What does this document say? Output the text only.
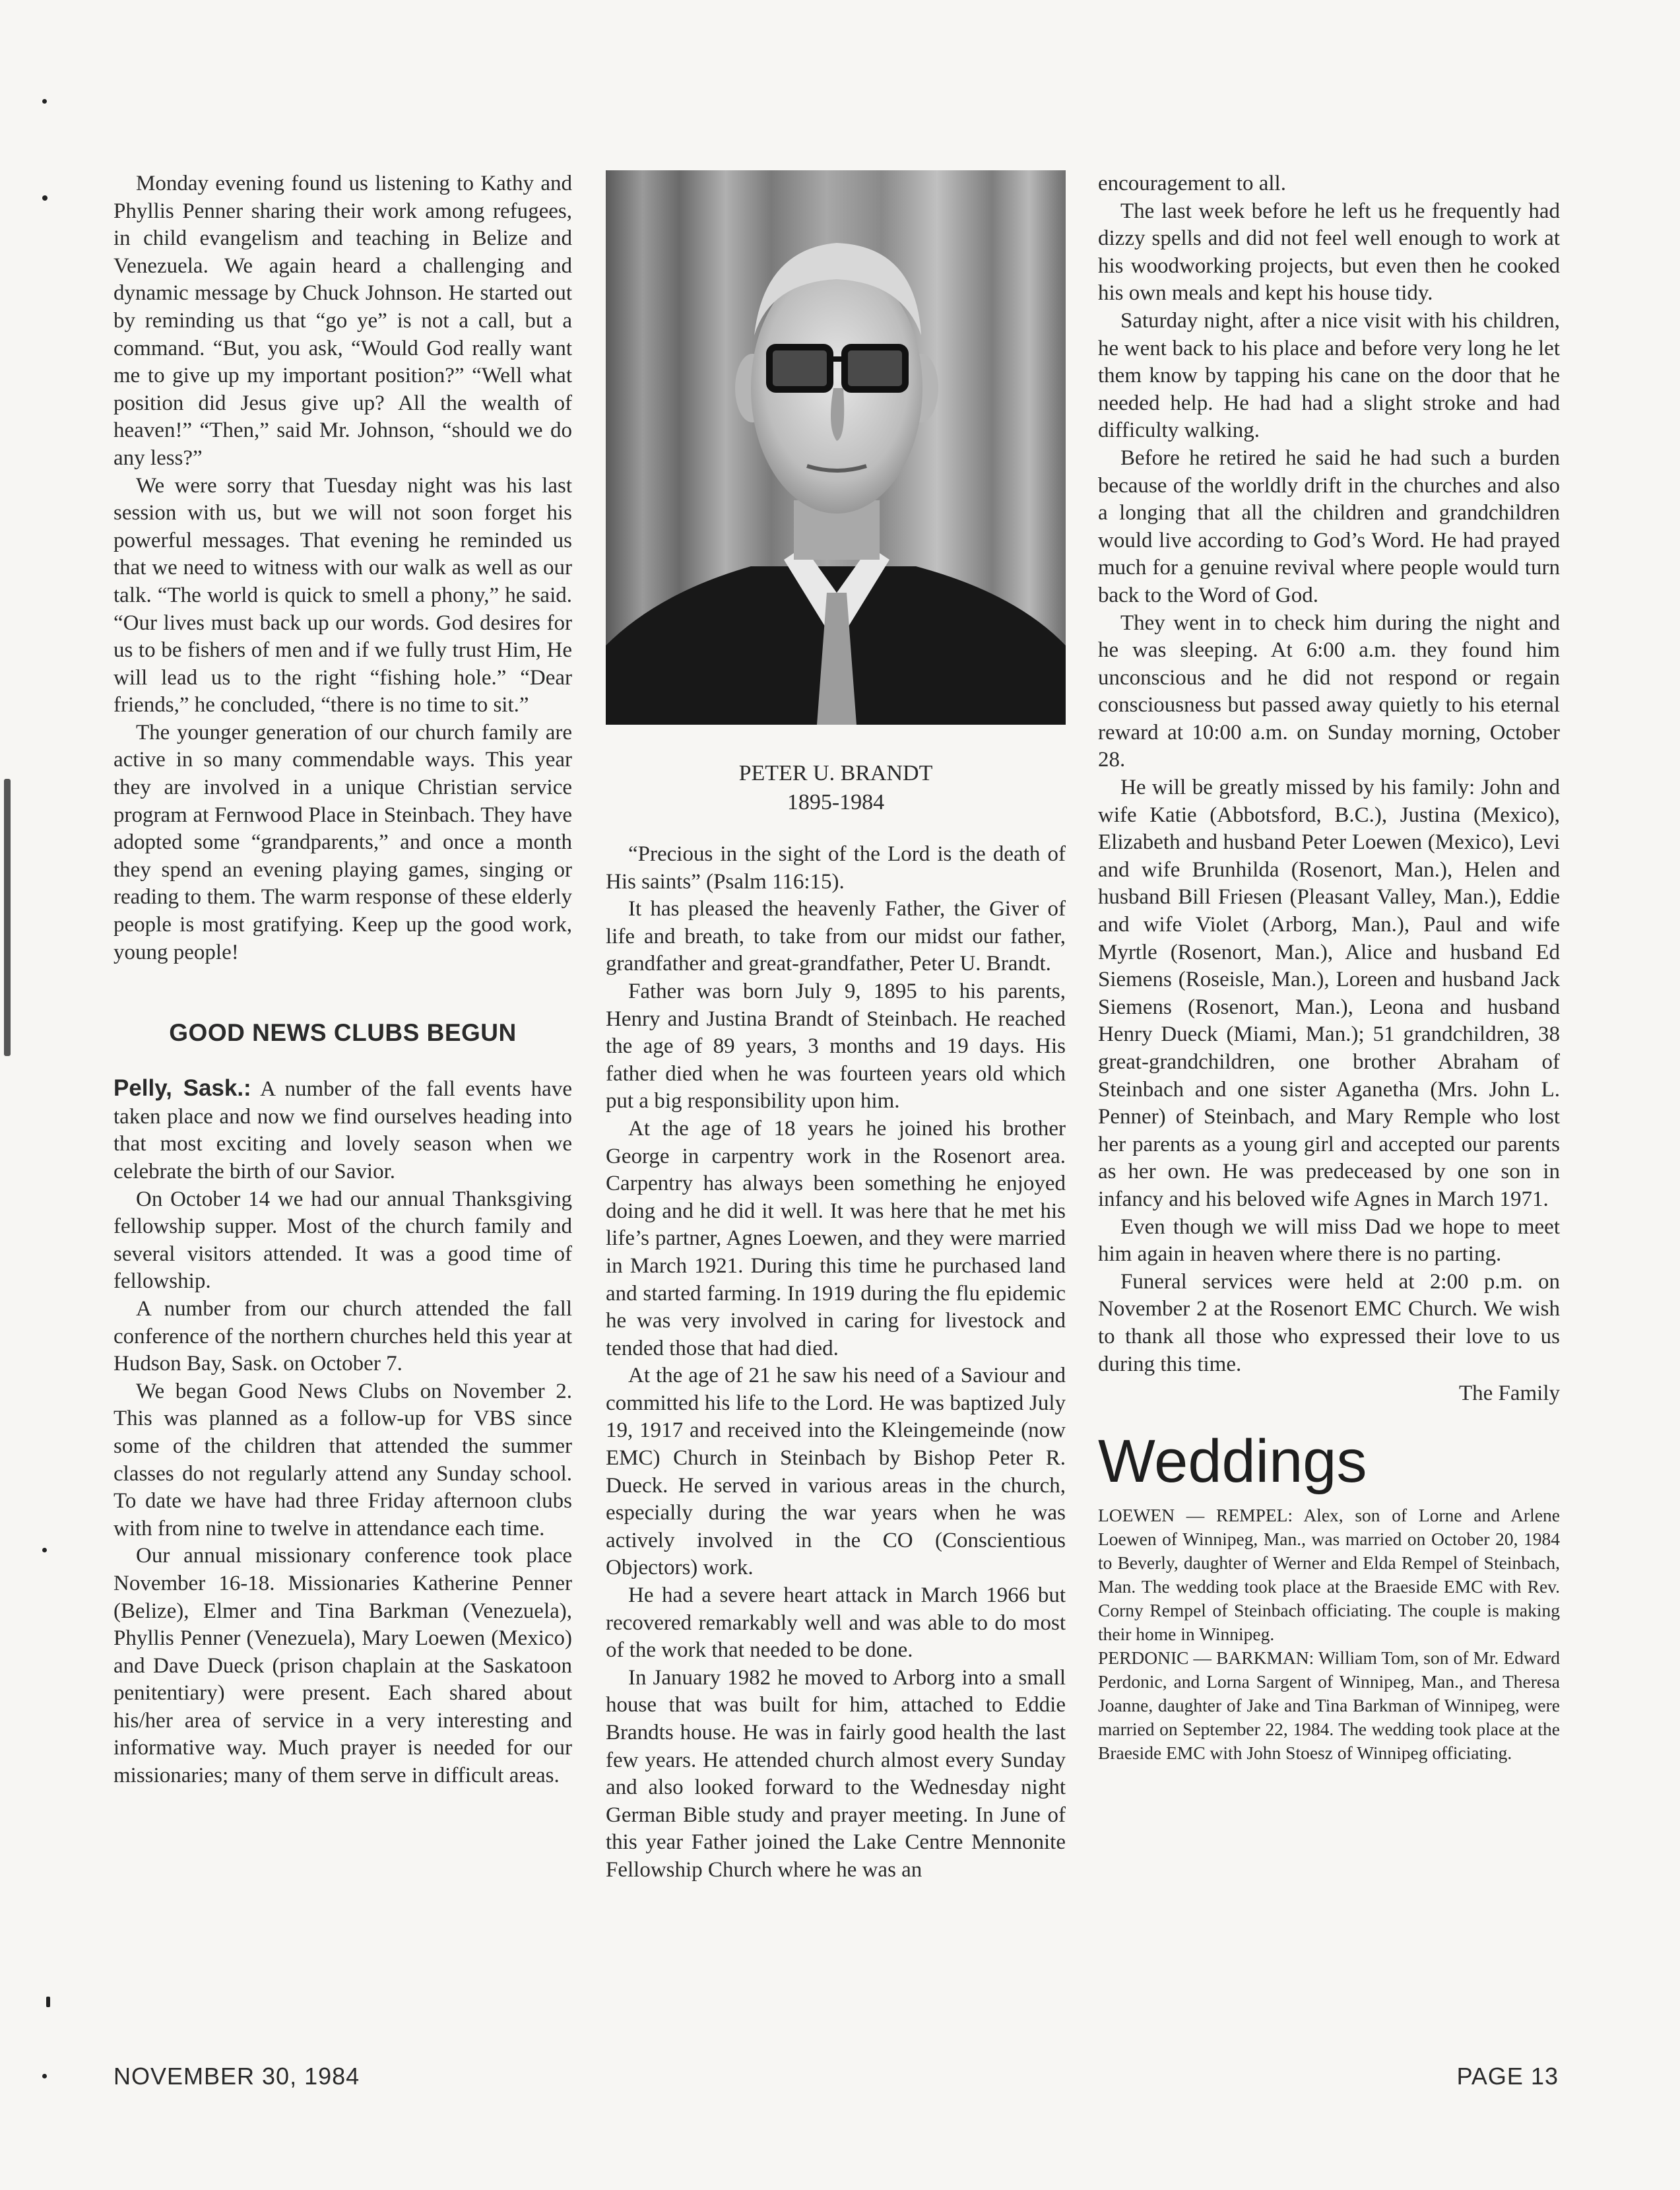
Monday evening found us listening to Kathy and Phyllis Penner sharing their work among refugees, in child evangelism and teaching in Belize and Venezuela. We again heard a challenging and dynamic message by Chuck Johnson. He started out by reminding us that “go ye” is not a call, but a command. “But, you ask, “Would God really want me to give up my important position?” “Well what position did Jesus give up? All the wealth of heaven!” “Then,” said Mr. Johnson, “should we do any less?”

We were sorry that Tuesday night was his last session with us, but we will not soon forget his powerful messages. That evening he reminded us that we need to witness with our walk as well as our talk. “The world is quick to smell a phony,” he said. “Our lives must back up our words. God desires for us to be fishers of men and if we fully trust Him, He will lead us to the right “fishing hole.” “Dear friends,” he concluded, “there is no time to sit.”

The younger generation of our church family are active in so many commendable ways. This year they are involved in a unique Christian service program at Fernwood Place in Steinbach. They have adopted some “grandparents,” and once a month they spend an evening playing games, singing or reading to them. The warm response of these elderly people is most gratifying. Keep up the good work, young people!

GOOD NEWS CLUBS BEGUN

Pelly, Sask.: A number of the fall events have taken place and now we find ourselves heading into that most exciting and lovely season when we celebrate the birth of our Savior.

On October 14 we had our annual Thanksgiving fellowship supper. Most of the church family and several visitors attended. It was a good time of fellowship.

A number from our church attended the fall conference of the northern churches held this year at Hudson Bay, Sask. on October 7.

We began Good News Clubs on November 2. This was planned as a follow-up for VBS since some of the children that attended the summer classes do not regularly attend any Sunday school. To date we have had three Friday afternoon clubs with from nine to twelve in attendance each time.

Our annual missionary conference took place November 16-18. Missionaries Katherine Penner (Belize), Elmer and Tina Barkman (Venezuela), Phyllis Penner (Venezuela), Mary Loewen (Mexico) and Dave Dueck (prison chaplain at the Saskatoon penitentiary) were present. Each shared about his/her area of service in a very interesting and informative way. Much prayer is needed for our missionaries; many of them serve in difficult areas.

PETER U. BRANDT
1895-1984

“Precious in the sight of the Lord is the death of His saints” (Psalm 116:15).

It has pleased the heavenly Father, the Giver of life and breath, to take from our midst our father, grandfather and great-grandfather, Peter U. Brandt.

Father was born July 9, 1895 to his parents, Henry and Justina Brandt of Steinbach. He reached the age of 89 years, 3 months and 19 days. His father died when he was fourteen years old which put a big responsibility upon him.

At the age of 18 years he joined his brother George in carpentry work in the Rosenort area. Carpentry has always been something he enjoyed doing and he did it well. It was here that he met his life’s partner, Agnes Loewen, and they were married in March 1921. During this time he purchased land and started farming. In 1919 during the flu epidemic he was very involved in caring for livestock and tended those that had died.

At the age of 21 he saw his need of a Saviour and committed his life to the Lord. He was baptized July 19, 1917 and received into the Kleingemeinde (now EMC) Church in Steinbach by Bishop Peter R. Dueck. He served in various areas in the church, especially during the war years when he was actively involved in the CO (Conscientious Objectors) work.

He had a severe heart attack in March 1966 but recovered remarkably well and was able to do most of the work that needed to be done.

In January 1982 he moved to Arborg into a small house that was built for him, attached to Eddie Brandts house. He was in fairly good health the last few years. He attended church almost every Sunday and also looked forward to the Wednesday night German Bible study and prayer meeting. In June of this year Father joined the Lake Centre Mennonite Fellowship Church where he was an

encouragement to all.

The last week before he left us he frequently had dizzy spells and did not feel well enough to work at his woodworking projects, but even then he cooked his own meals and kept his house tidy.

Saturday night, after a nice visit with his children, he went back to his place and before very long he let them know by tapping his cane on the door that he needed help. He had had a slight stroke and had difficulty walking.

Before he retired he said he had such a burden because of the worldly drift in the churches and also a longing that all the children and grandchildren would live according to God’s Word. He had prayed much for a genuine revival where people would turn back to the Word of God.

They went in to check him during the night and he was sleeping. At 6:00 a.m. they found him unconscious and he did not respond or regain consciousness but passed away quietly to his eternal reward at 10:00 a.m. on Sunday morning, October 28.

He will be greatly missed by his family: John and wife Katie (Abbotsford, B.C.), Justina (Mexico), Elizabeth and husband Peter Loewen (Mexico), Levi and wife Brunhilda (Rosenort, Man.), Helen and husband Bill Friesen (Pleasant Valley, Man.), Eddie and wife Violet (Arborg, Man.), Paul and wife Myrtle (Rosenort, Man.), Alice and husband Ed Siemens (Roseisle, Man.), Loreen and husband Jack Siemens (Rosenort, Man.), Leona and husband Henry Dueck (Miami, Man.); 51 grandchildren, 38 great-grandchildren, one brother Abraham of Steinbach and one sister Aganetha (Mrs. John L. Penner) of Steinbach, and Mary Remple who lost her parents as a young girl and accepted our parents as her own. He was predeceased by one son in infancy and his beloved wife Agnes in March 1971.

Even though we will miss Dad we hope to meet him again in heaven where there is no parting.

Funeral services were held at 2:00 p.m. on November 2 at the Rosenort EMC Church. We wish to thank all those who expressed their love to us during this time.

The Family
Weddings

LOEWEN — REMPEL: Alex, son of Lorne and Arlene Loewen of Winnipeg, Man., was married on October 20, 1984 to Beverly, daughter of Werner and Elda Rempel of Steinbach, Man. The wedding took place at the Braeside EMC with Rev. Corny Rempel of Steinbach officiating. The couple is making their home in Winnipeg.

PERDONIC — BARKMAN: William Tom, son of Mr. Edward Perdonic, and Lorna Sargent of Winnipeg, Man., and Theresa Joanne, daughter of Jake and Tina Barkman of Winnipeg, were married on September 22, 1984. The wedding took place at the Braeside EMC with John Stoesz of Winnipeg officiating.

NOVEMBER 30, 1984	PAGE 13
